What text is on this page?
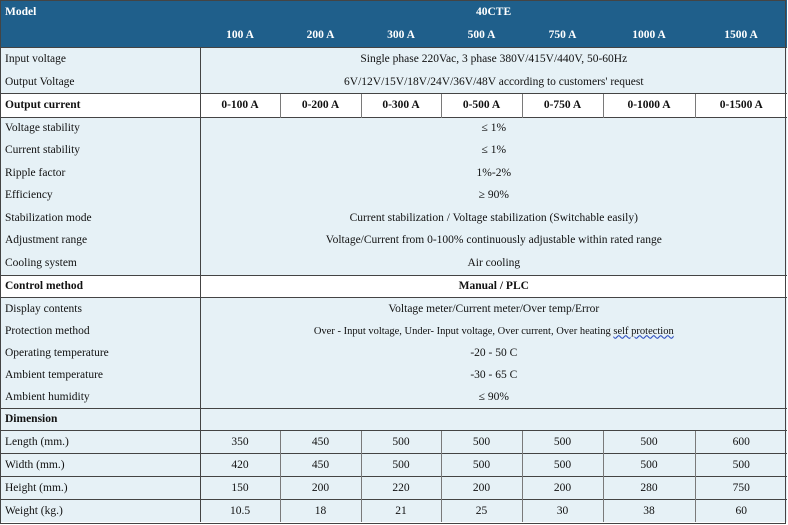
Model	40CTE						
	100 A	200 A	300 A	500 A	750 A	1000 A	1500 A
Input voltage	Single phase 220Vac, 3 phase 380V/415V/440V, 50-60Hz						
Output Voltage	6V/12V/15V/18V/24V/36V/48V according to customers' request						
Output current	0-100 A	0-200 A	0-300 A	0-500 A	0-750 A	0-1000 A	0-1500 A
Voltage stability	≤ 1%						
Current stability	≤ 1%						
Ripple factor	1%-2%						
Efficiency	≥ 90%						
Stabilization mode	Current stabilization / Voltage stabilization (Switchable easily)						
Adjustment range	Voltage/Current from 0-100% continuously adjustable within rated range						
Cooling system	Air cooling						
Control method	Manual / PLC						
Display contents	Voltage meter/Current meter/Over temp/Error						
Protection method	Over - Input voltage, Under- Input voltage, Over current, Over heating self protection						
Operating temperature	-20 - 50 C						
Ambient temperature	-30 - 65 C						
Ambient humidity	≤ 90%						
Dimension							
Length (mm.)	350	450	500	500	500	500	600
Width (mm.)	420	450	500	500	500	500	500
Height (mm.)	150	200	220	200	200	280	750
Weight (kg.)	10.5	18	21	25	30	38	60
